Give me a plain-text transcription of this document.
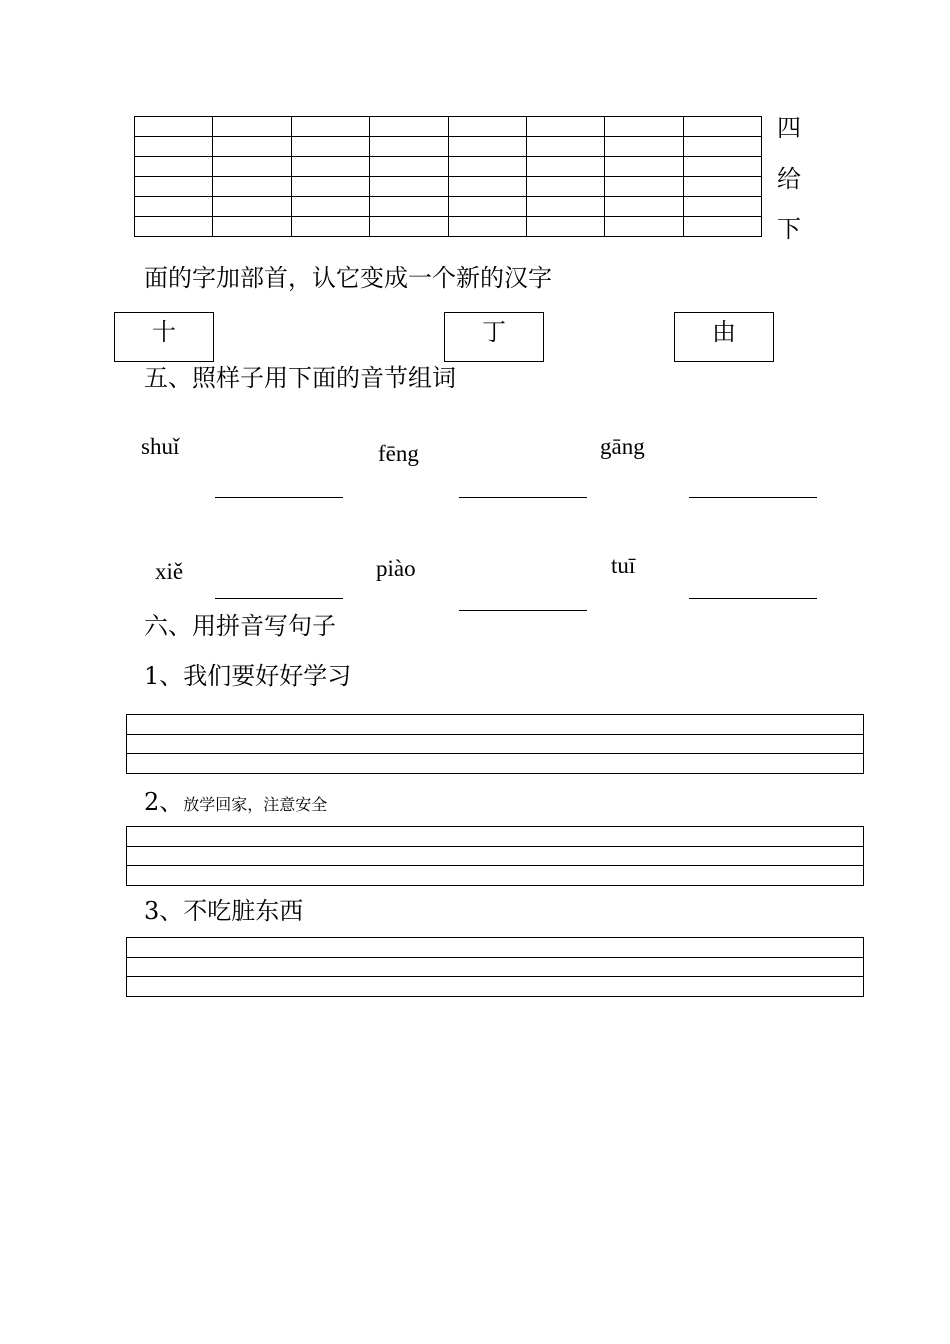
四
给
下
面的字加部首，认它变成一个新的汉字
十	丁	由
五、照样子用下面的音节组词
shuǐ	fēng	gāng
xiě	piào	tuī
六、用拼音写句子
1、我们要好好学习

2、放学回家，注意安全

3、不吃脏东西
